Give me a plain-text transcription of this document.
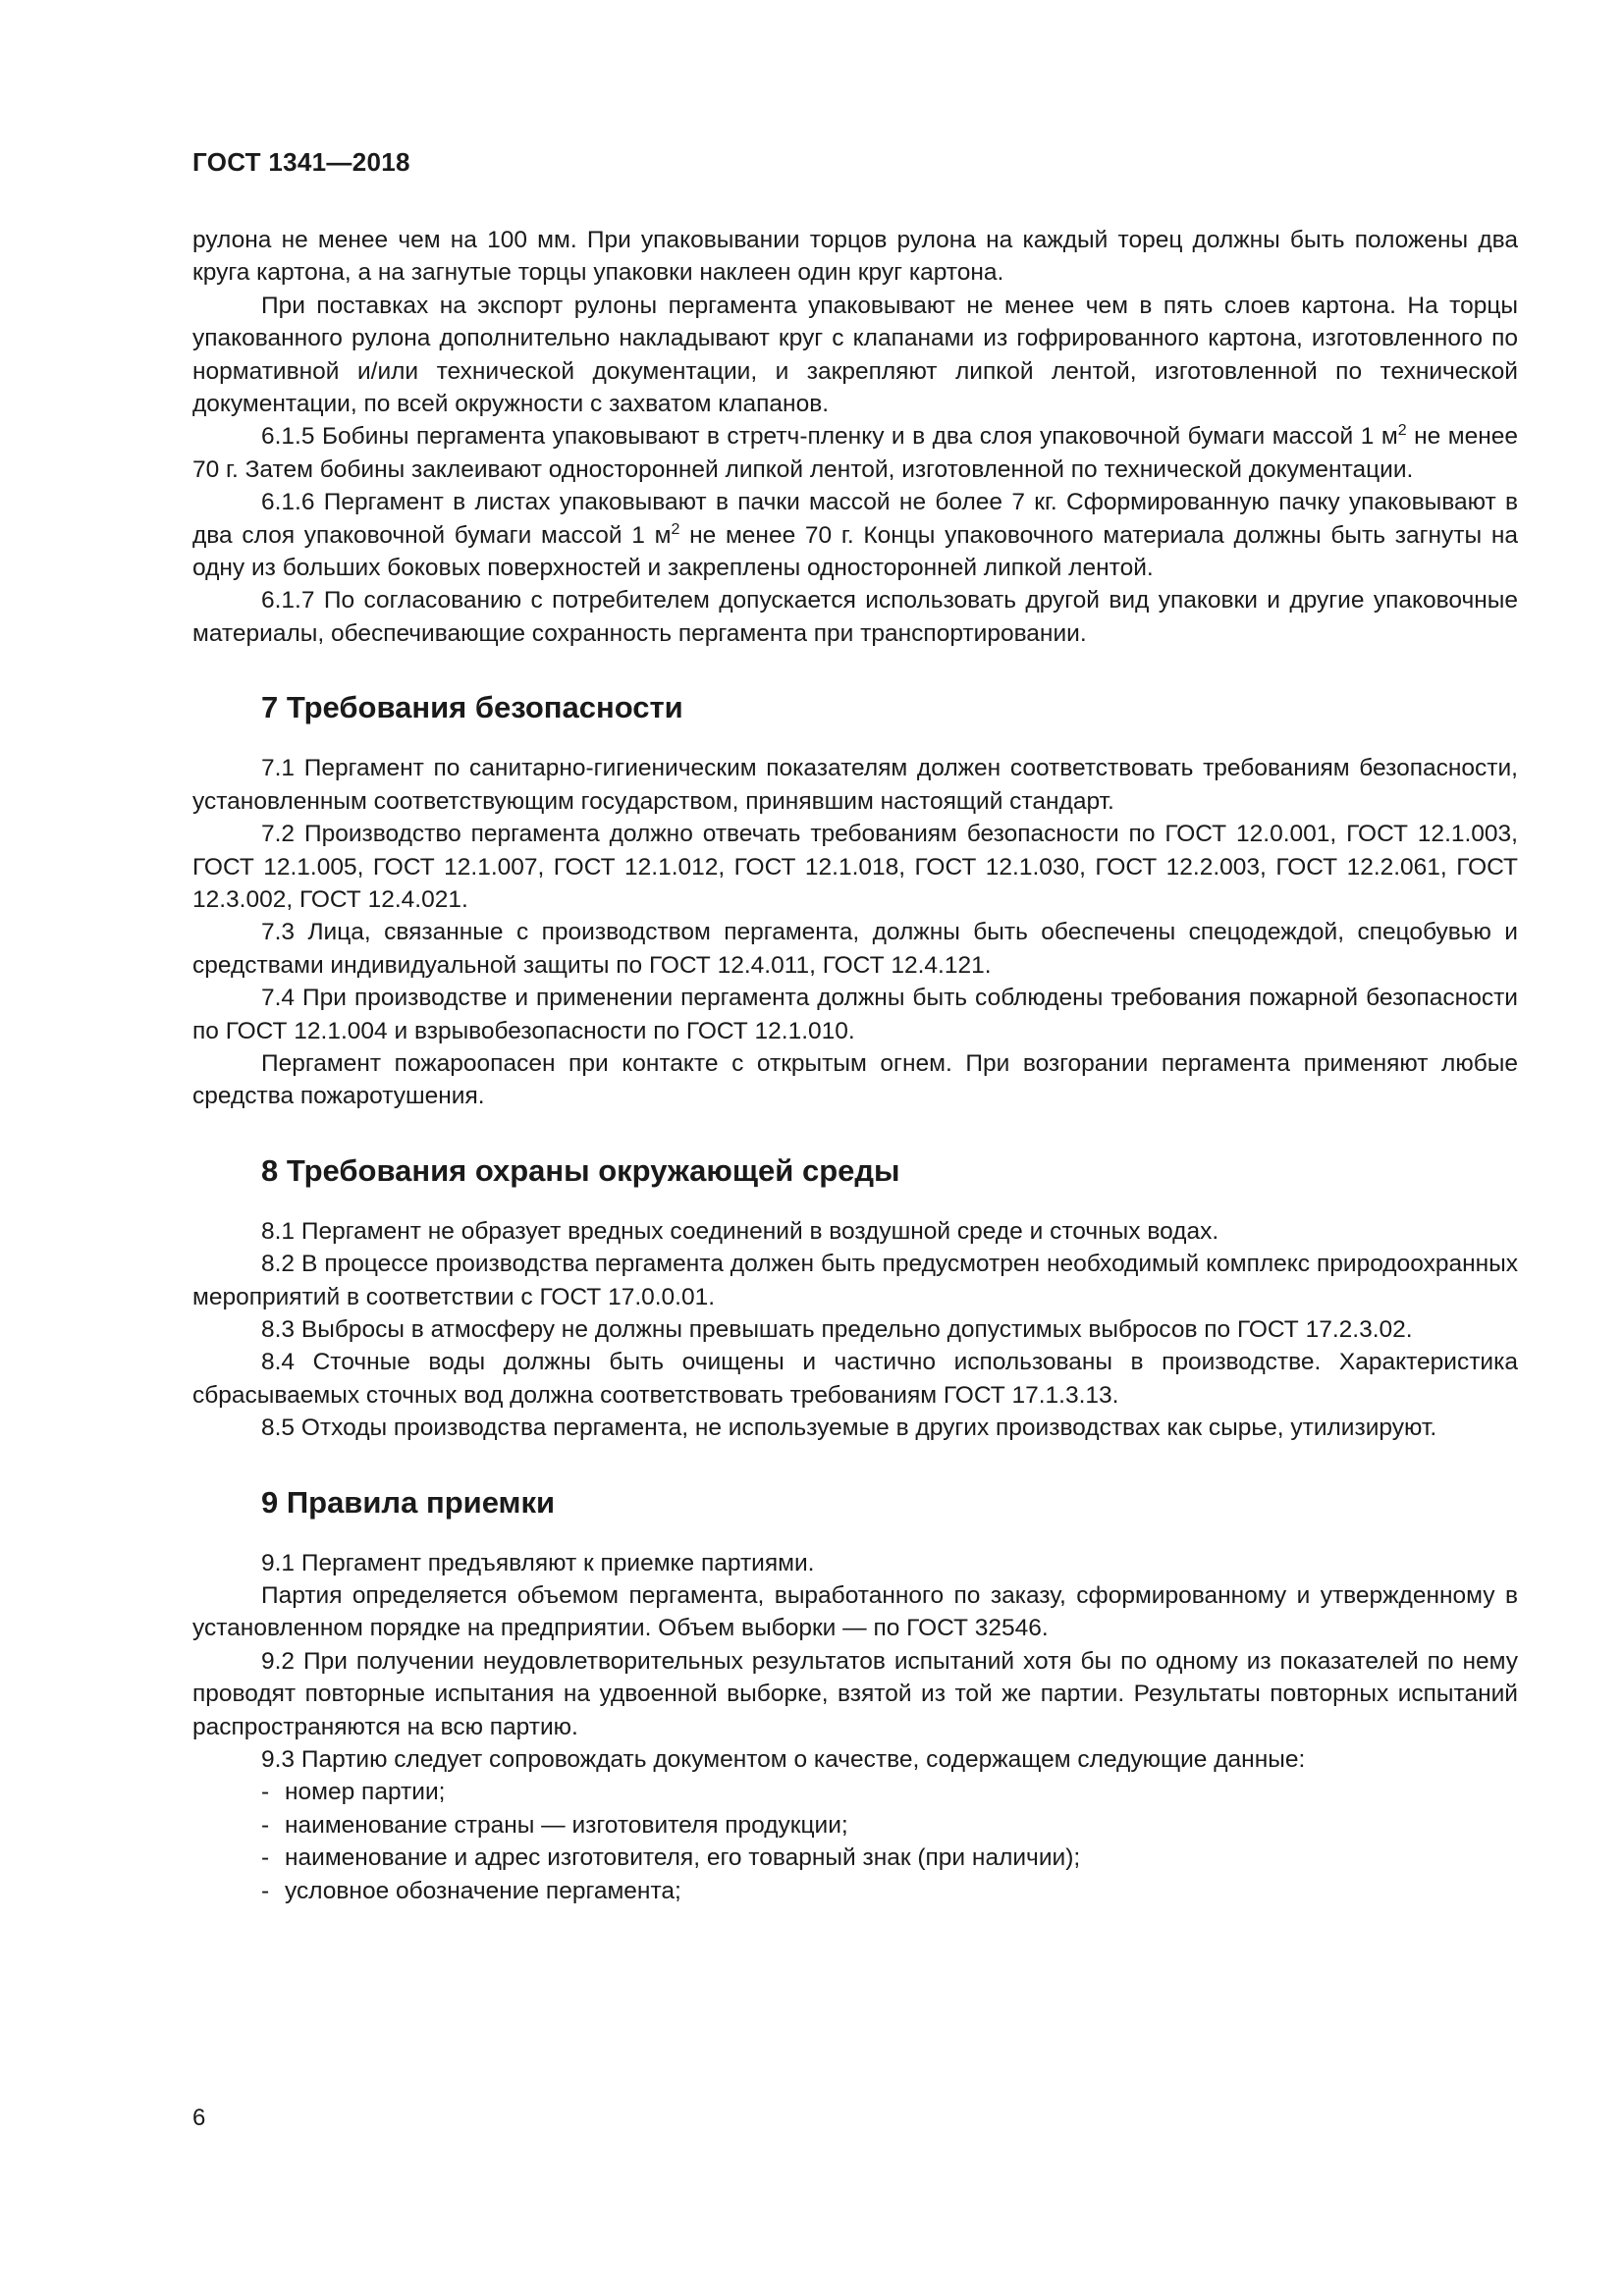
ГОСТ 1341—2018

рулона не менее чем на 100 мм. При упаковывании торцов рулона на каждый торец должны быть положены два круга картона, а на загнутые торцы упаковки наклеен один круг картона.

При поставках на экспорт рулоны пергамента упаковывают не менее чем в пять слоев картона. На торцы упакованного рулона дополнительно накладывают круг с клапанами из гофрированного картона, изготовленного по нормативной и/или технической документации, и закрепляют липкой лентой, изготовленной по технической документации, по всей окружности с захватом клапанов.

6.1.5 Бобины пергамента упаковывают в стретч-пленку и в два слоя упаковочной бумаги массой 1 $м^2$ не менее 70 г. Затем бобины заклеивают односторонней липкой лентой, изготовленной по технической документации.

6.1.6 Пергамент в листах упаковывают в пачки массой не более 7 кг. Сформированную пачку упаковывают в два слоя упаковочной бумаги массой 1 $м^2$ не менее 70 г. Концы упаковочного материала должны быть загнуты на одну из больших боковых поверхностей и закреплены односторонней липкой лентой.

6.1.7 По согласованию с потребителем допускается использовать другой вид упаковки и другие упаковочные материалы, обеспечивающие сохранность пергамента при транспортировании.

7 Требования безопасности

7.1 Пергамент по санитарно-гигиеническим показателям должен соответствовать требованиям безопасности, установленным соответствующим государством, принявшим настоящий стандарт.

7.2 Производство пергамента должно отвечать требованиям безопасности по ГОСТ 12.0.001, ГОСТ 12.1.003, ГОСТ 12.1.005, ГОСТ 12.1.007, ГОСТ 12.1.012, ГОСТ 12.1.018, ГОСТ 12.1.030, ГОСТ 12.2.003, ГОСТ 12.2.061, ГОСТ 12.3.002, ГОСТ 12.4.021.

7.3 Лица, связанные с производством пергамента, должны быть обеспечены спецодеждой, спецобувью и средствами индивидуальной защиты по ГОСТ 12.4.011, ГОСТ 12.4.121.

7.4 При производстве и применении пергамента должны быть соблюдены требования пожарной безопасности по ГОСТ 12.1.004 и взрывобезопасности по ГОСТ 12.1.010.

Пергамент пожароопасен при контакте с открытым огнем. При возгорании пергамента применяют любые средства пожаротушения.

8 Требования охраны окружающей среды

8.1 Пергамент не образует вредных соединений в воздушной среде и сточных водах.

8.2 В процессе производства пергамента должен быть предусмотрен необходимый комплекс природоохранных мероприятий в соответствии с ГОСТ 17.0.0.01.

8.3 Выбросы в атмосферу не должны превышать предельно допустимых выбросов по ГОСТ 17.2.3.02.

8.4 Сточные воды должны быть очищены и частично использованы в производстве. Характеристика сбрасываемых сточных вод должна соответствовать требованиям ГОСТ 17.1.3.13.

8.5 Отходы производства пергамента, не используемые в других производствах как сырье, утилизируют.

9 Правила приемки

9.1 Пергамент предъявляют к приемке партиями.

Партия определяется объемом пергамента, выработанного по заказу, сформированному и утвержденному в установленном порядке на предприятии. Объем выборки — по ГОСТ 32546.

9.2 При получении неудовлетворительных результатов испытаний хотя бы по одному из показателей по нему проводят повторные испытания на удвоенной выборке, взятой из той же партии. Результаты повторных испытаний распространяются на всю партию.

9.3 Партию следует сопровождать документом о качестве, содержащем следующие данные:

- номер партии;
- наименование страны — изготовителя продукции;
- наименование и адрес изготовителя, его товарный знак (при наличии);
- условное обозначение пергамента;
6
